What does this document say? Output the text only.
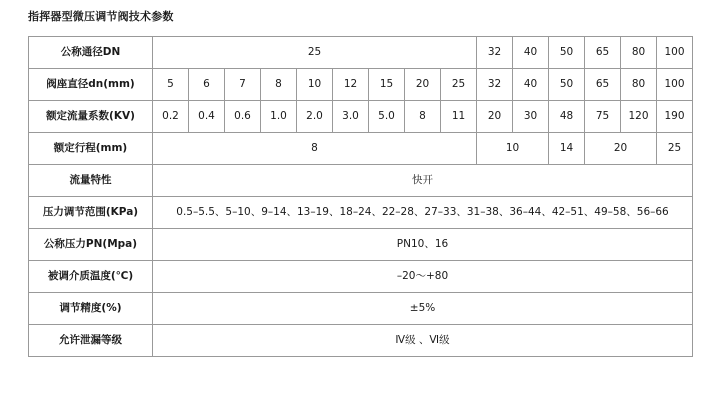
指挥器型微压调节阀技术参数
公称通径DN	25									32	40	50	65	80	100
阀座直径dn(mm)	5	6	7	8	10	12	15	20	25	32	40	50	65	80	100
额定流量系数(KV)	0.2	0.4	0.6	1.0	2.0	3.0	5.0	8	11	20	30	48	75	120	190
额定行程(mm)	8									10		14	20		25
流量特性	快开														
压力调节范围(KPa)	0.5–5.5、5–10、9–14、13–19、18–24、22–28、27–33、31–38、36–44、42–51、49–58、56–66														
公称压力PN(Mpa)	PN10、16														
被调介质温度(℃)	–20～+80														
调节精度(%)	±5%														
允许泄漏等级	Ⅳ级 、Ⅵ级														
